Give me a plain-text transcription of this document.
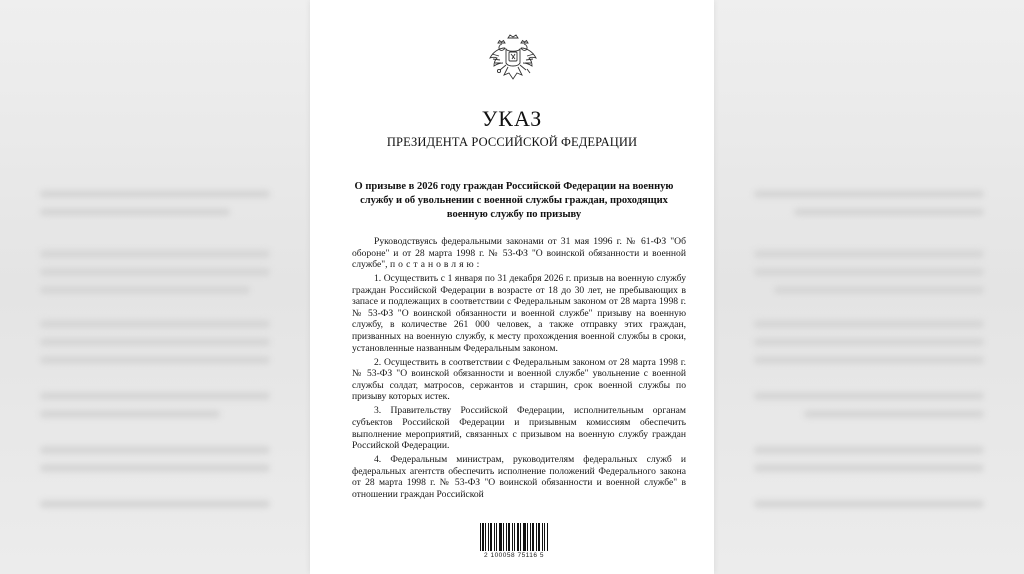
УКАЗ
ПРЕЗИДЕНТА РОССИЙСКОЙ ФЕДЕРАЦИИ
О призыве в 2026 году граждан Российской Федерации на военную службу и об увольнении с военной службы граждан, проходящих военную службу по призыву

Руководствуясь федеральными законами от 31 мая 1996 г. № 61-ФЗ "Об обороне" и от 28 марта 1998 г. № 53-ФЗ "О воинской обязанности и военной службе", постановляю:

1. Осуществить с 1 января по 31 декабря 2026 г. призыв на военную службу граждан Российской Федерации в возрасте от 18 до 30 лет, не пребывающих в запасе и подлежащих в соответствии с Федеральным законом от 28 марта 1998 г. № 53-ФЗ "О воинской обязанности и военной службе" призыву на военную службу, в количестве 261 000 человек, а также отправку этих граждан, призванных на военную службу, к месту прохождения военной службы в сроки, установленные названным Федеральным законом.

2. Осуществить в соответствии с Федеральным законом от 28 марта 1998 г. № 53-ФЗ "О воинской обязанности и военной службе" увольнение с военной службы солдат, матросов, сержантов и старшин, срок военной службы по призыву которых истек.

3. Правительству Российской Федерации, исполнительным органам субъектов Российской Федерации и призывным комиссиям обеспечить выполнение мероприятий, связанных с призывом на военную службу граждан Российской Федерации.

4. Федеральным министрам, руководителям федеральных служб и федеральных агентств обеспечить исполнение положений Федерального закона от 28 марта 1998 г. № 53-ФЗ "О воинской обязанности и военной службе" в отношении граждан Российской

2 100058 75116 5
